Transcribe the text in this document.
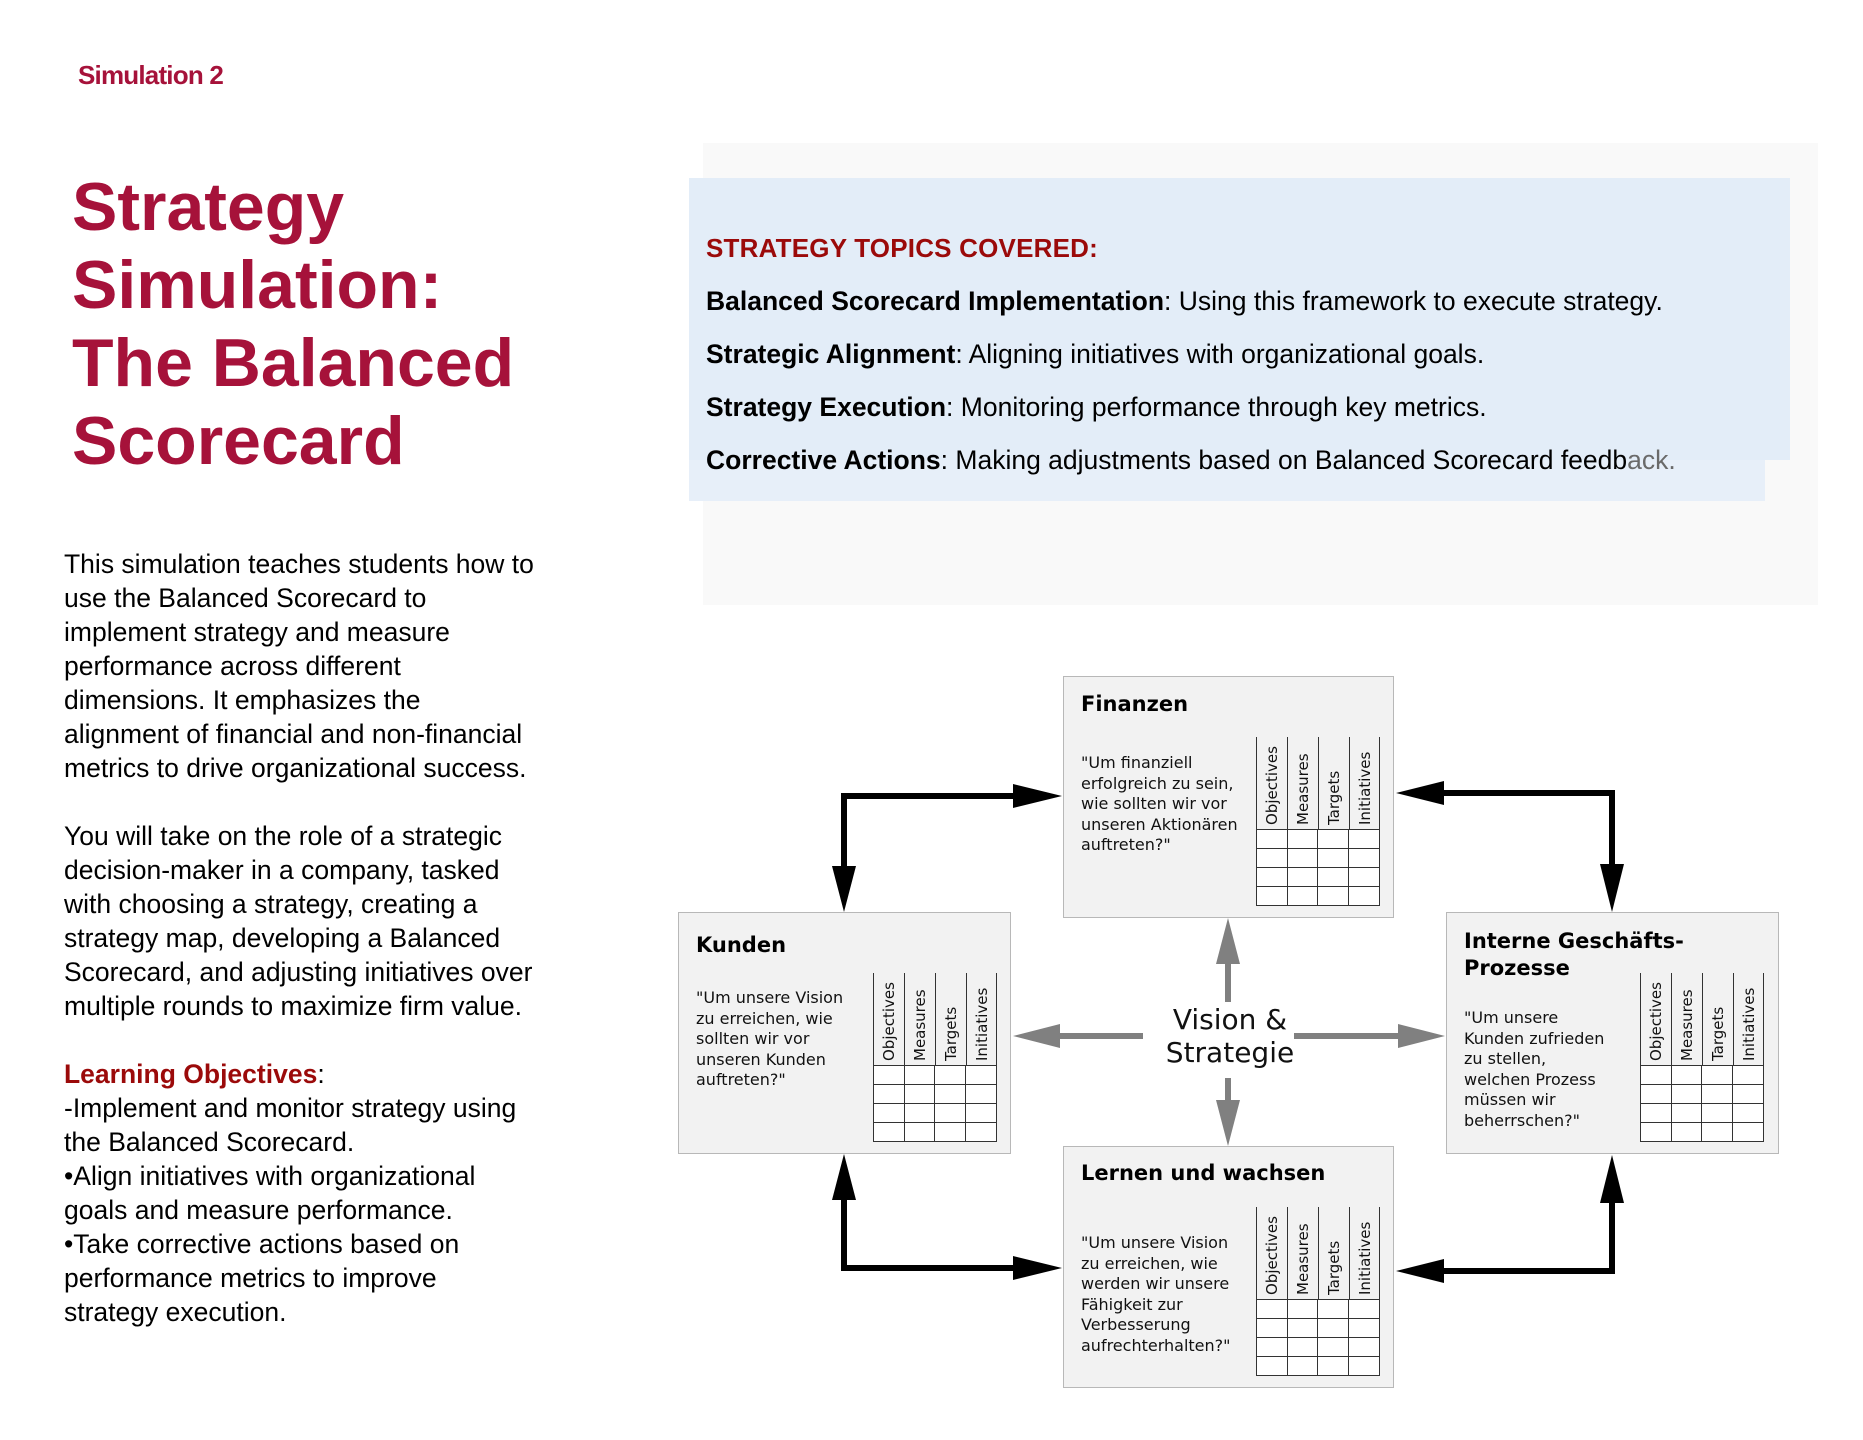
Simulation 2
Strategy
Simulation:
The Balanced
Scorecard
This simulation teaches students how to
use the Balanced Scorecard to
implement strategy and measure
performance across different
dimensions. It emphasizes the
alignment of financial and non-financial
metrics to drive organizational success.
You will take on the role of a strategic
decision-maker in a company, tasked
with choosing a strategy, creating a
strategy map, developing a Balanced
Scorecard, and adjusting initiatives over
multiple rounds to maximize firm value.
Learning Objectives:
-Implement and monitor strategy using
the Balanced Scorecard.
•Align initiatives with organizational
goals and measure performance.
•Take corrective actions based on
performance metrics to improve
strategy execution.
STRATEGY TOPICS COVERED:
Balanced Scorecard Implementation: Using this framework to execute strategy.
Strategic Alignment: Aligning initiatives with organizational goals.
Strategy Execution: Monitoring performance through key metrics.
Corrective Actions: Making adjustments based on Balanced Scorecard feedback.
Vision &
Strategie
Finanzen
"Um finanziell
erfolgreich zu sein,
wie sollten wir vor
unseren Aktionären
auftreten?"
Objectives Measures Targets Initiatives
Kunden
"Um unsere Vision
zu erreichen, wie
sollten wir vor
unseren Kunden
auftreten?"
Objectives Measures Targets Initiatives
Interne Geschäfts-
Prozesse
"Um unsere
Kunden zufrieden
zu stellen,
welchen Prozess
müssen wir
beherrschen?"
Objectives Measures Targets Initiatives
Lernen und wachsen
"Um unsere Vision
zu erreichen, wie
werden wir unsere
Fähigkeit zur
Verbesserung
aufrechterhalten?"
Objectives Measures Targets Initiatives
